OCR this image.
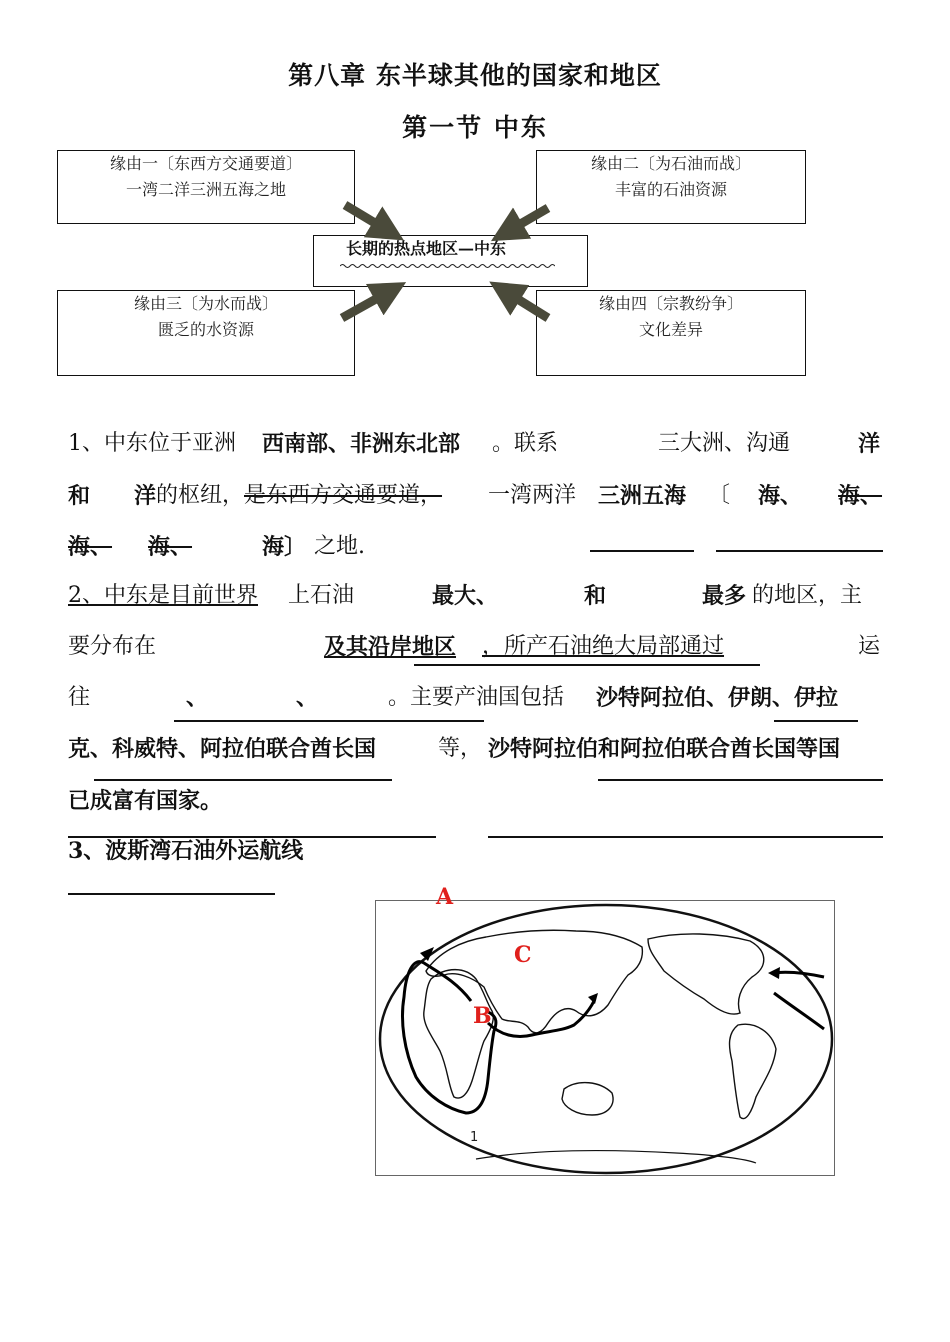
第八章 东半球其他的国家和地区
第一节 中东
缘由一〔东西方交通要道〕
一湾二洋三洲五海之地
缘由二〔为石油而战〕
丰富的石油资源
缘由三〔为水而战〕
匮乏的水资源
缘由四〔宗教纷争〕
文化差异
长期的热点地区—中东
1、中东位于亚洲 西南部、非洲东北部 。联系	三大洲、沟通	洋
和 洋 的枢纽， 是东西方交通要道， 一湾两洋 三洲五海 〔 海、 海、
海、 海、	海〕 之地.
2、中东是目前世界 上石油	最大、	和	最多 的地区，主
要分布在	及其沿岸地区 ，所产石油绝大局部通过	运
往	、	、	。主要产油国包括 沙特阿拉伯、伊朗、伊拉
克、科威特、阿拉伯联合酋长国	等， 沙特阿拉伯和阿拉伯联合酋长国等国
已成富有国家。
3、波斯湾石油外运航线
A
C
B
1
